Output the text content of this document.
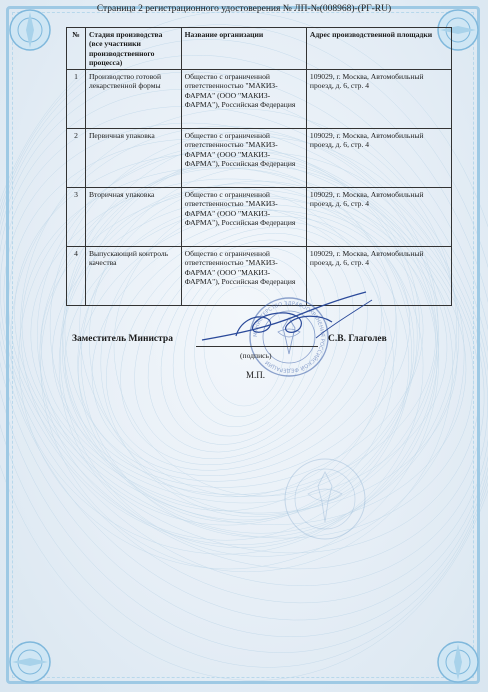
Страница 2 регистрационного удостоверения № ЛП-№(008968)-(РГ-RU)
№	Стадия производства (все участники производственного процесса)	Название организации	Адрес производственной площадки
1	Производство готовой лекарственной формы	Общество с ограниченной ответственностью "МАКИЗ-ФАРМА" (ООО "МАКИЗ-ФАРМА"), Российская Федерация	109029, г. Москва, Автомобильный проезд, д. 6, стр. 4
2	Первичная упаковка	Общество с ограниченной ответственностью "МАКИЗ-ФАРМА" (ООО "МАКИЗ-ФАРМА"), Российская Федерация	109029, г. Москва, Автомобильный проезд, д. 6, стр. 4
3	Вторичная упаковка	Общество с ограниченной ответственностью "МАКИЗ-ФАРМА" (ООО "МАКИЗ-ФАРМА"), Российская Федерация	109029, г. Москва, Автомобильный проезд, д. 6, стр. 4
4	Выпускающий контроль качества	Общество с ограниченной ответственностью "МАКИЗ-ФАРМА" (ООО "МАКИЗ-ФАРМА"), Российская Федерация	109029, г. Москва, Автомобильный проезд, д. 6, стр. 4
МИНИСТЕРСТВО ЗДРАВООХРАНЕНИЯ РОССИЙСКОЙ ФЕДЕРАЦИИ
Заместитель Министра	С.В. Глаголев
(подпись)
М.П.
